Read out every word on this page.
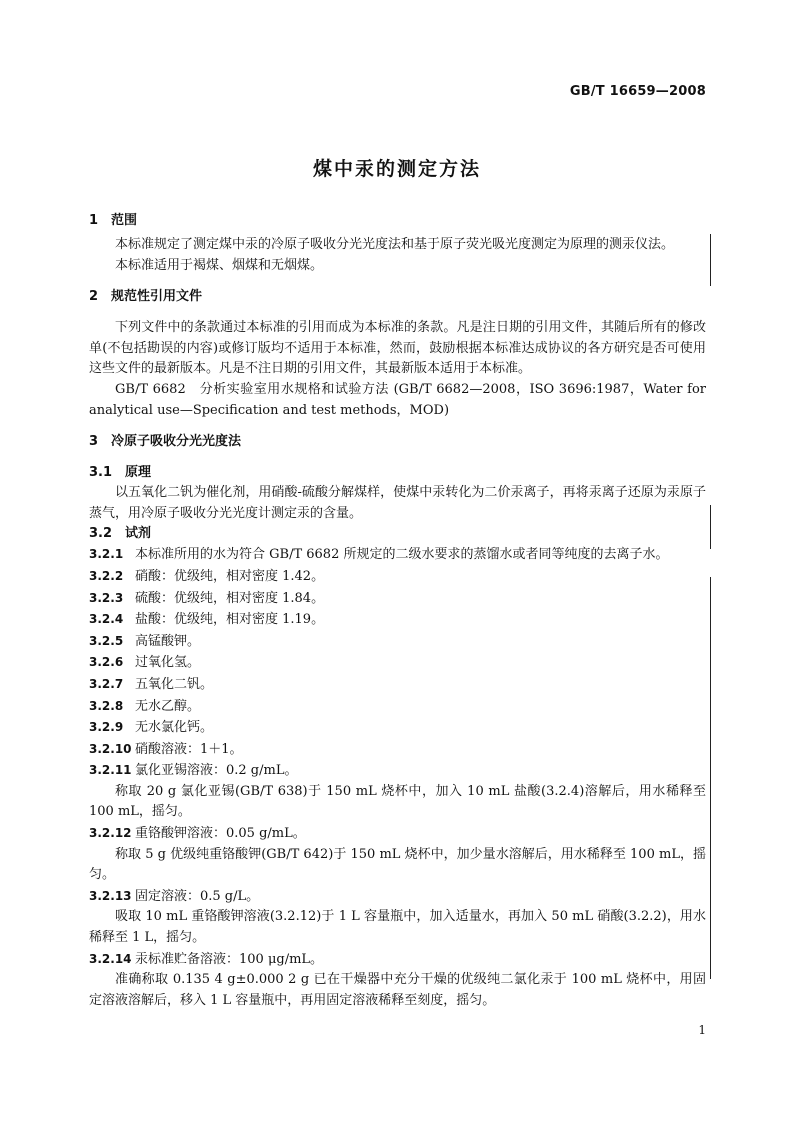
GB/T 16659—2008
煤中汞的测定方法

1　范围

本标准规定了测定煤中汞的冷原子吸收分光光度法和基于原子荧光吸光度测定为原理的测汞仪法。

本标准适用于褐煤、烟煤和无烟煤。

2　规范性引用文件

下列文件中的条款通过本标准的引用而成为本标准的条款。凡是注日期的引用文件，其随后所有的修改单(不包括勘误的内容)或修订版均不适用于本标准，然而，鼓励根据本标准达成协议的各方研究是否可使用这些文件的最新版本。凡是不注日期的引用文件，其最新版本适用于本标准。

GB/T 6682　分析实验室用水规格和试验方法 (GB/T 6682—2008，ISO 3696:1987，Water for analytical use—Specification and test methods，MOD)

3　冷原子吸收分光光度法

3.1　原理

以五氧化二钒为催化剂，用硝酸-硫酸分解煤样，使煤中汞转化为二价汞离子，再将汞离子还原为汞原子蒸气，用冷原子吸收分光光度计测定汞的含量。

3.2　试剂

3.2.1 本标准所用的水为符合 GB/T 6682 所规定的二级水要求的蒸馏水或者同等纯度的去离子水。

3.2.2 硝酸：优级纯，相对密度 1.42。

3.2.3 硫酸：优级纯，相对密度 1.84。

3.2.4 盐酸：优级纯，相对密度 1.19。

3.2.5 高锰酸钾。

3.2.6 过氧化氢。

3.2.7 五氧化二钒。

3.2.8 无水乙醇。

3.2.9 无水氯化钙。

3.2.10 硝酸溶液：1＋1。

3.2.11 氯化亚锡溶液：0.2 g/mL。

称取 20 g 氯化亚锡(GB/T 638)于 150 mL 烧杯中，加入 10 mL 盐酸(3.2.4)溶解后，用水稀释至 100 mL，摇匀。

3.2.12 重铬酸钾溶液：0.05 g/mL。

称取 5 g 优级纯重铬酸钾(GB/T 642)于 150 mL 烧杯中，加少量水溶解后，用水稀释至 100 mL，摇匀。

3.2.13 固定溶液：0.5 g/L。

吸取 10 mL 重铬酸钾溶液(3.2.12)于 1 L 容量瓶中，加入适量水，再加入 50 mL 硝酸(3.2.2)，用水稀释至 1 L，摇匀。

3.2.14 汞标准贮备溶液：100 μg/mL。

准确称取 0.135 4 g±0.000 2 g 已在干燥器中充分干燥的优级纯二氯化汞于 100 mL 烧杯中，用固定溶液溶解后，移入 1 L 容量瓶中，再用固定溶液稀释至刻度，摇匀。

1
